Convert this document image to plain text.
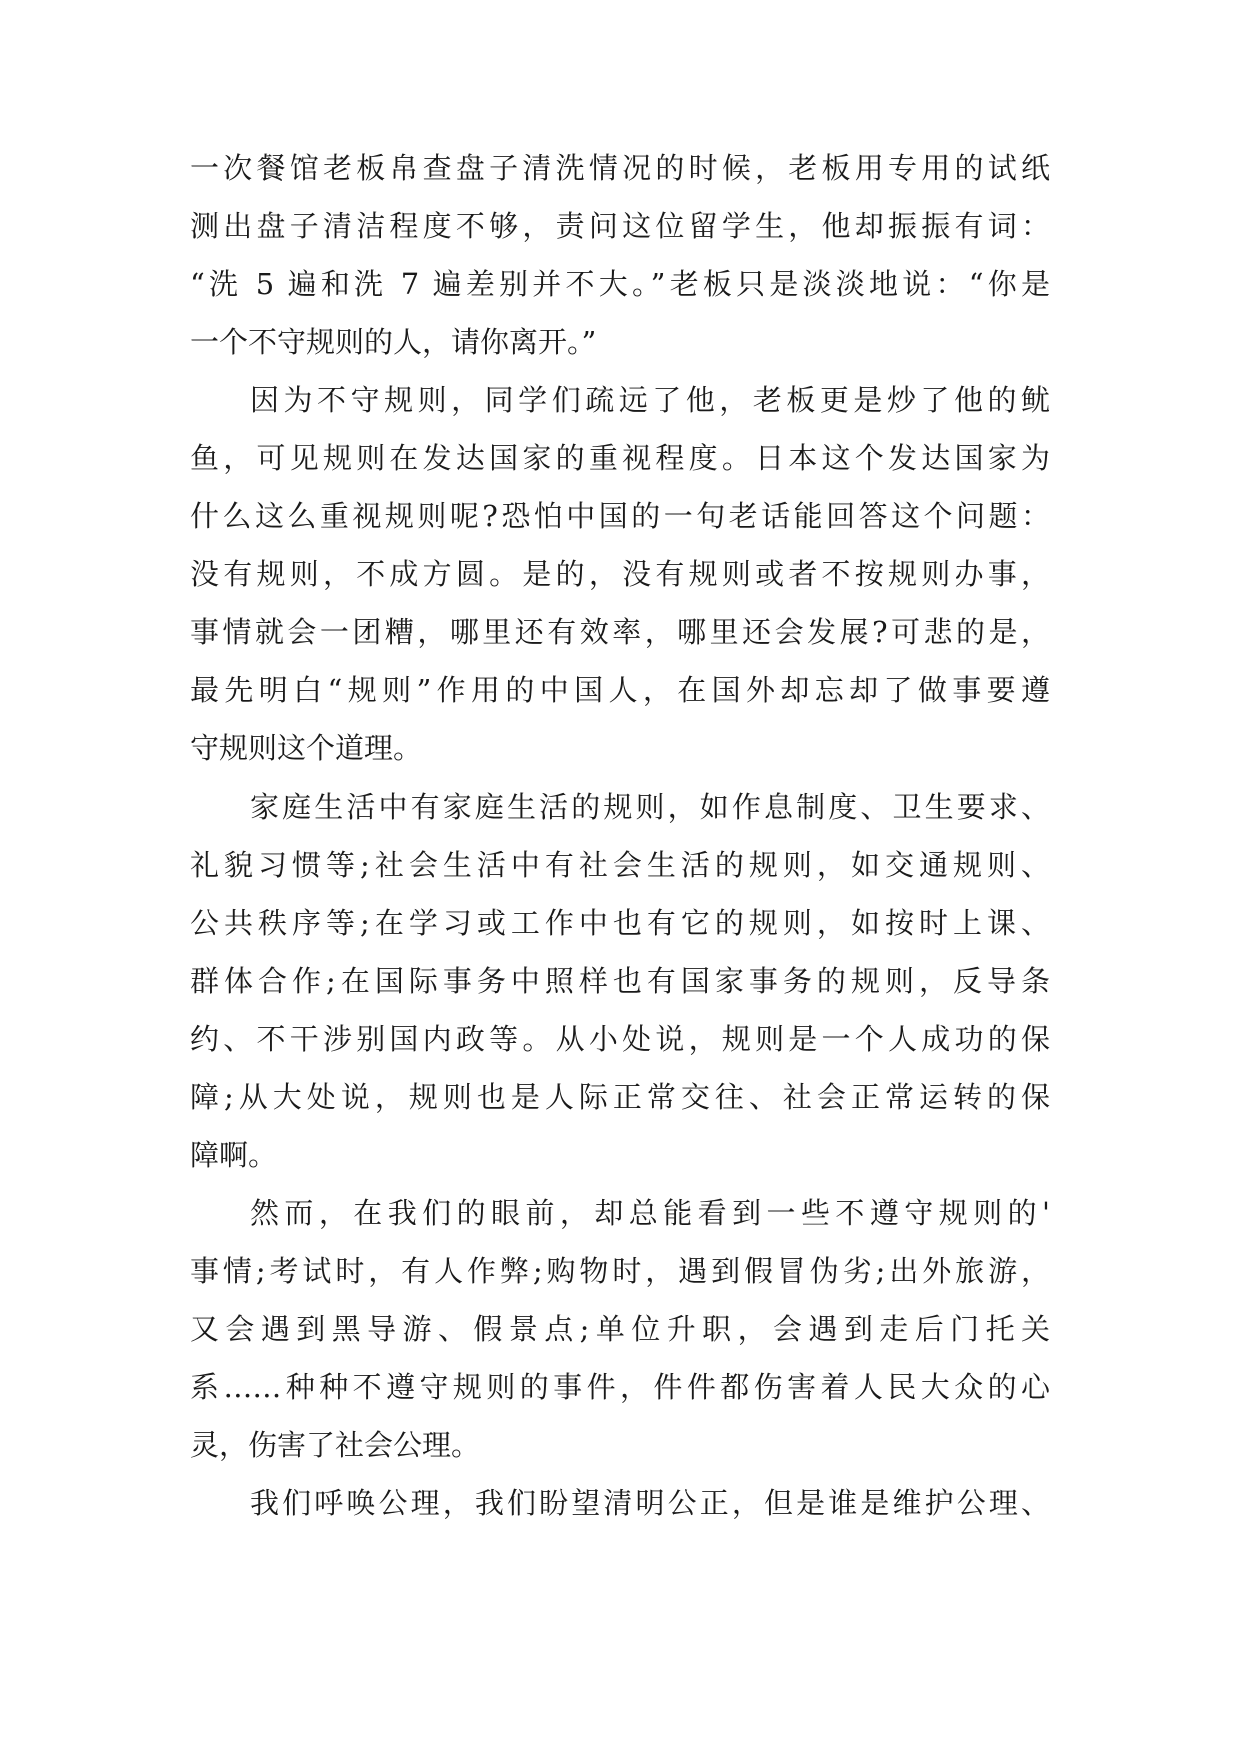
一次餐馆老板帛查盘子清洗情况的时候，老板用专用的试纸
测出盘子清洁程度不够，责问这位留学生，他却振振有词：
“洗 5 遍和洗 7 遍差别并不大。”老板只是淡淡地说：“你是
一个不守规则的人，请你离开。”
因为不守规则，同学们疏远了他，老板更是炒了他的鱿
鱼，可见规则在发达国家的重视程度。日本这个发达国家为
什么这么重视规则呢?恐怕中国的一句老话能回答这个问题：
没有规则，不成方圆。是的，没有规则或者不按规则办事，
事情就会一团糟，哪里还有效率，哪里还会发展?可悲的是，
最先明白“规则”作用的中国人，在国外却忘却了做事要遵
守规则这个道理。
家庭生活中有家庭生活的规则，如作息制度、卫生要求、
礼貌习惯等;社会生活中有社会生活的规则，如交通规则、
公共秩序等;在学习或工作中也有它的规则，如按时上课、
群体合作;在国际事务中照样也有国家事务的规则，反导条
约、不干涉别国内政等。从小处说，规则是一个人成功的保
障;从大处说，规则也是人际正常交往、社会正常运转的保
障啊。
然而，在我们的眼前，却总能看到一些不遵守规则的'
事情;考试时，有人作弊;购物时，遇到假冒伪劣;出外旅游，
又会遇到黑导游、假景点;单位升职，会遇到走后门托关
系……种种不遵守规则的事件，件件都伤害着人民大众的心
灵，伤害了社会公理。
我们呼唤公理，我们盼望清明公正，但是谁是维护公理、
